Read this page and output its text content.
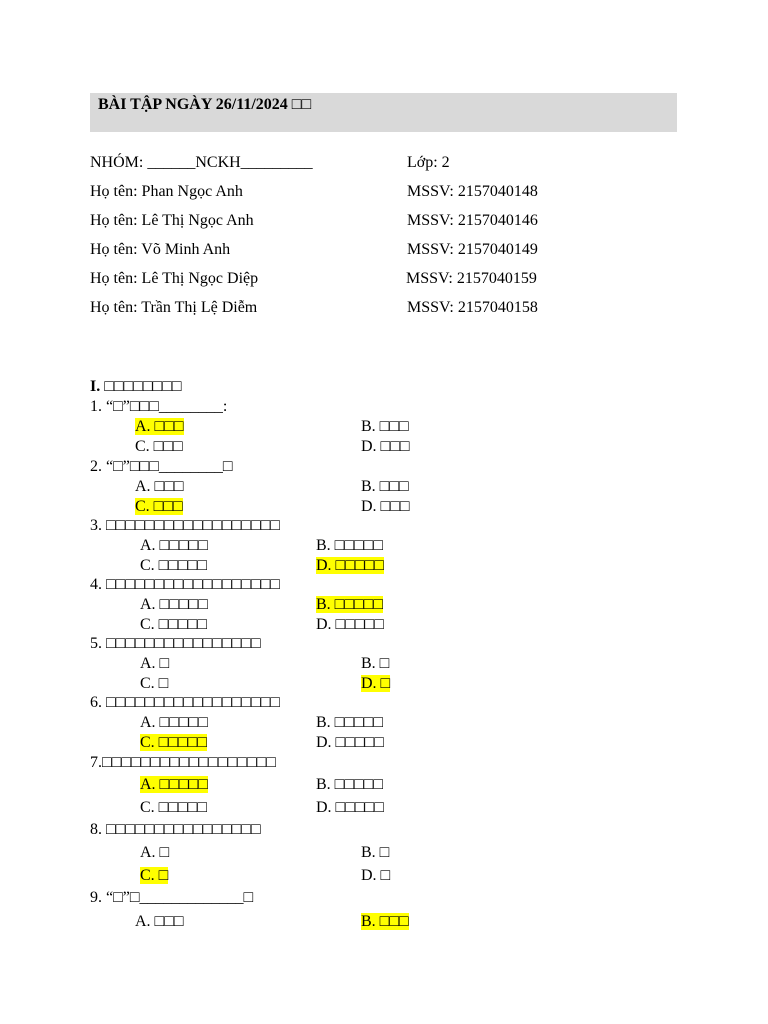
BÀI TẬP NGÀY 26/11/2024 □□
NHÓM: ______NCKH_________	Lớp: 2
Họ tên: Phan Ngọc Anh	MSSV: 2157040148
Họ tên: Lê Thị Ngọc Anh	MSSV: 2157040146
Họ tên: Võ Minh Anh	MSSV: 2157040149
Họ tên: Lê Thị Ngọc Diệp	MSSV: 2157040159
Họ tên: Trần Thị Lệ Diễm	MSSV: 2157040158
I. □□□□□□□□
1. “□”□□□________:
A. □□□	B. □□□
C. □□□	D. □□□
2. “□”□□□________□
A. □□□	B. □□□
C. □□□	D. □□□
3. □□□□□□□□□□□□□□□□□□
A. □□□□□	B. □□□□□
C. □□□□□	D. □□□□□
4. □□□□□□□□□□□□□□□□□□
A. □□□□□	B. □□□□□
C. □□□□□	D. □□□□□
5. □□□□□□□□□□□□□□□□
A. □	B. □
C. □	D. □
6. □□□□□□□□□□□□□□□□□□
A. □□□□□	B. □□□□□
C. □□□□□	D. □□□□□
7.□□□□□□□□□□□□□□□□□□
A. □□□□□	B. □□□□□
C. □□□□□	D. □□□□□
8. □□□□□□□□□□□□□□□□
A. □	B. □
C. □	D. □
9. “□”□_____________□
A. □□□	B. □□□
